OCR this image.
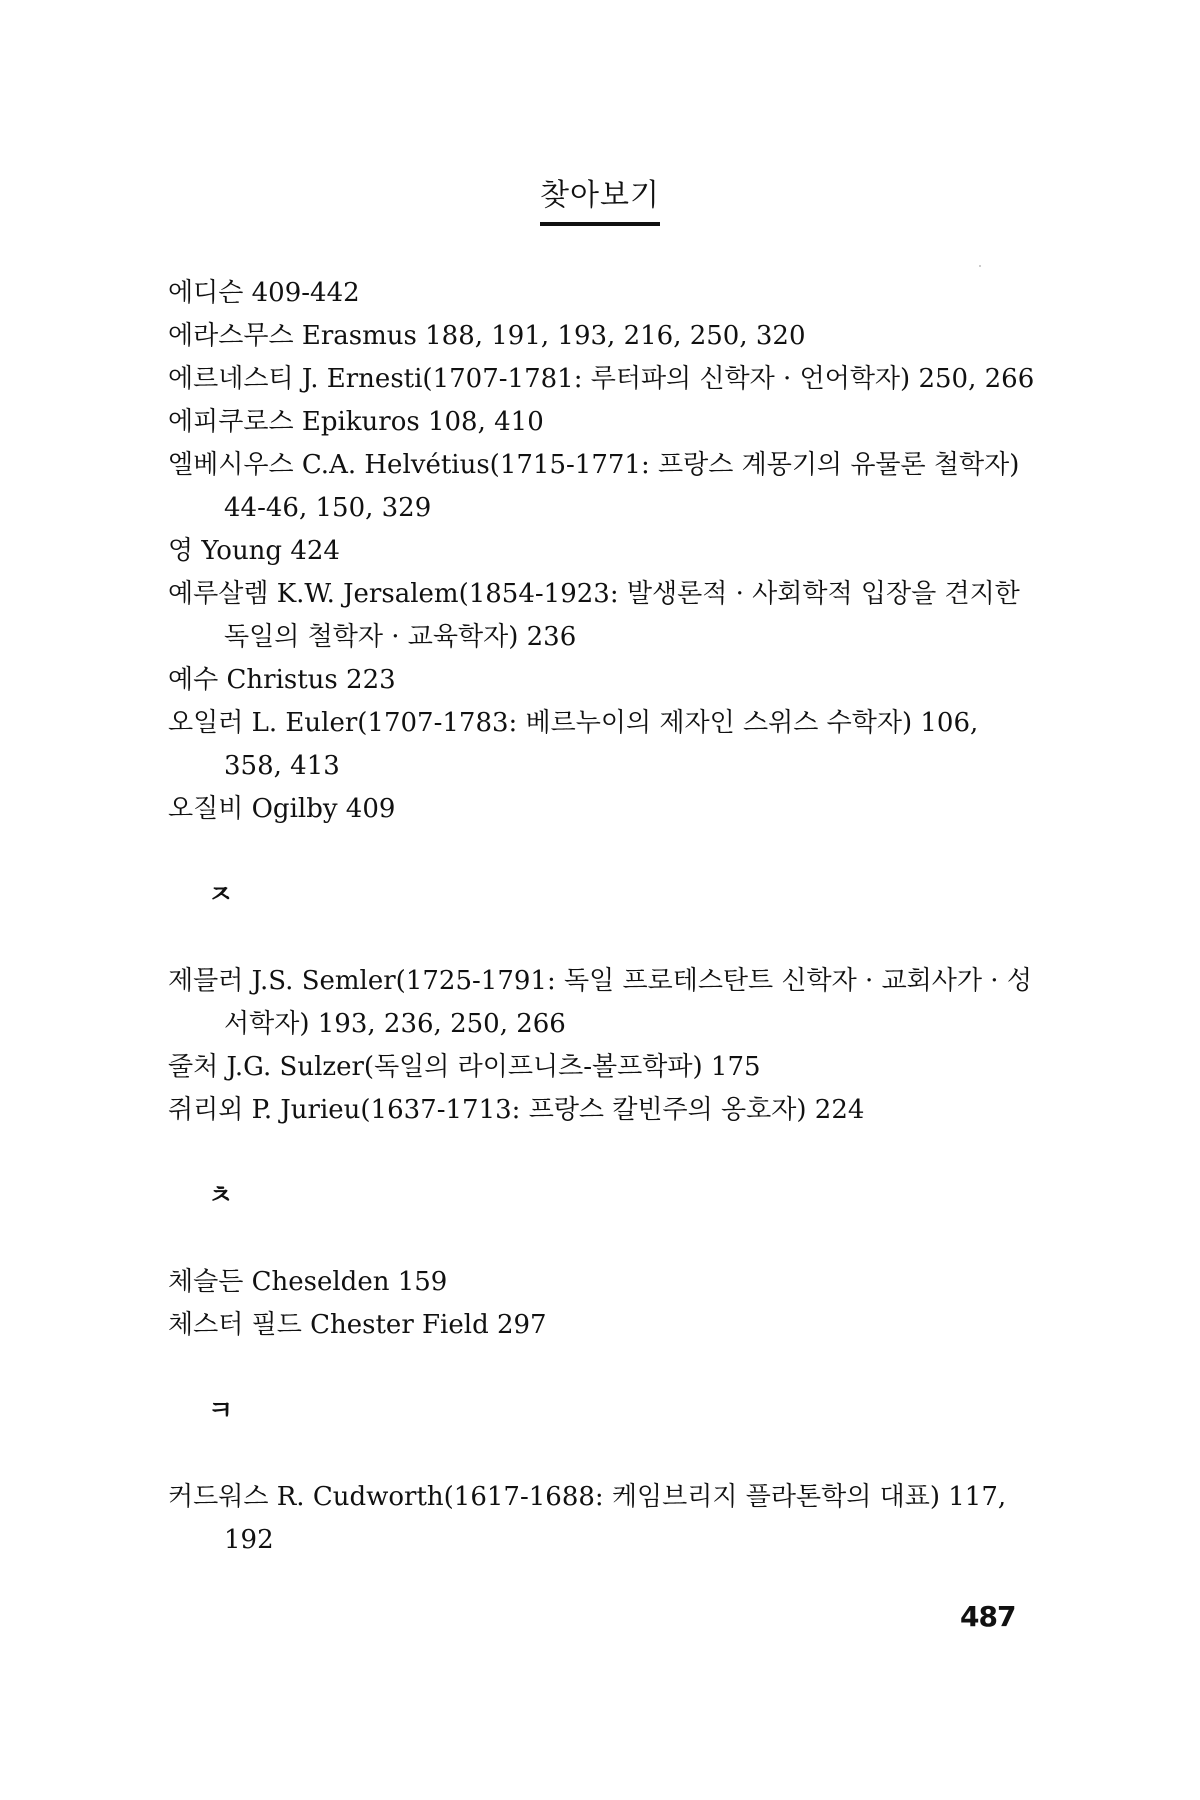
찾아보기
에디슨 409-442
에라스무스 Erasmus 188, 191, 193, 216, 250, 320
에르네스티 J. Ernesti(1707-1781: 루터파의 신학자 · 언어학자) 250, 266
에피쿠로스 Epikuros 108, 410
엘베시우스 C.A. Helvétius(1715-1771: 프랑스 계몽기의 유물론 철학자) 44-46, 150, 329
영 Young 424
예루살렘 K.W. Jersalem(1854-1923: 발생론적 · 사회학적 입장을 견지한 독일의 철학자 · 교육학자) 236
예수 Christus 223
오일러 L. Euler(1707-1783: 베르누이의 제자인 스위스 수학자) 106, 358, 413
오질비 Ogilby 409
ㅈ
제믈러 J.S. Semler(1725-1791: 독일 프로테스탄트 신학자 · 교회사가 · 성서학자) 193, 236, 250, 266
줄처 J.G. Sulzer(독일의 라이프니츠-볼프학파) 175
쥐리외 P. Jurieu(1637-1713: 프랑스 칼빈주의 옹호자) 224
ㅊ
체슬든 Cheselden 159
체스터 필드 Chester Field 297
ㅋ
커드워스 R. Cudworth(1617-1688: 케임브리지 플라톤학의 대표) 117, 192
487
